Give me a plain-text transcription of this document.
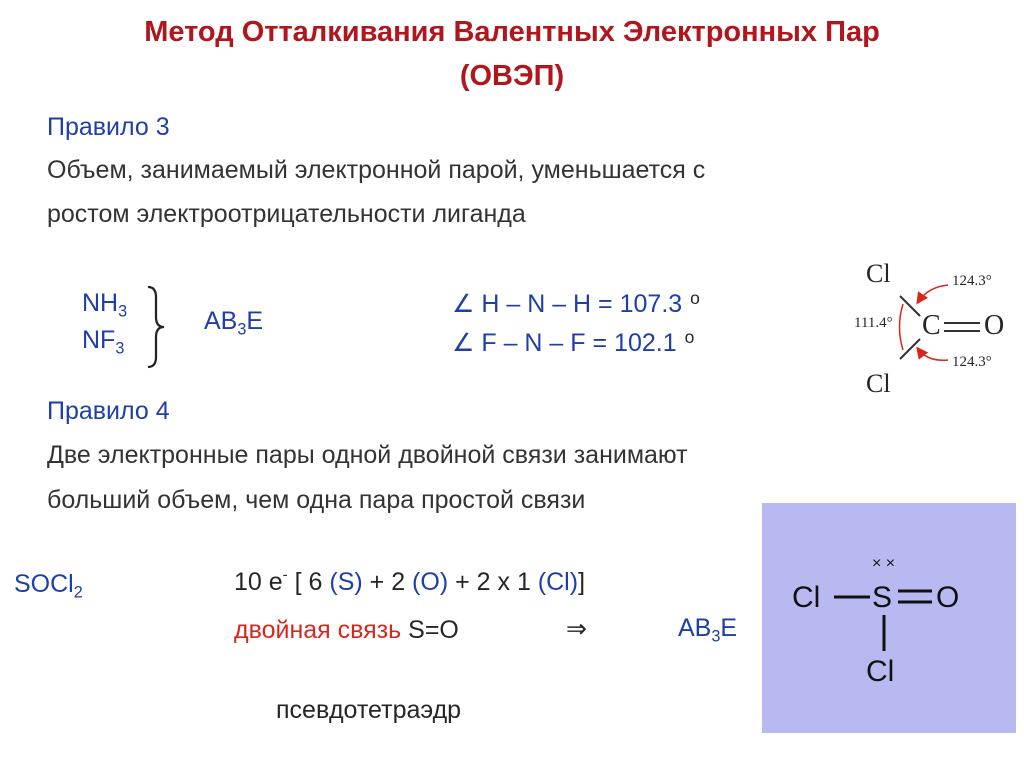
Метод Отталкивания Валентных Электронных Пар
(ОВЭП)
Правило 3
Объем, занимаемый электронной парой, уменьшается с
ростом электроотрицательности лиганда
$NH_3$
$NF_3$
$AB_3E$
∠ H – N – H = 107.3 $^o$
∠ F – N – F = 102.1 $^o$
Cl
Cl
C O
124.3°
111.4°
124.3°
Правило 4
Две электронные пары одной двойной связи занимают
больший объем, чем одна пара простой связи
SOCl$_2$	10 e- [ 6 (S) + 2 (O) + 2 x 1 (Cl)]
двойная связь S=O	⇒	$AB_3E$
псевдотетраэдр
Cl S O
Cl
× ×
